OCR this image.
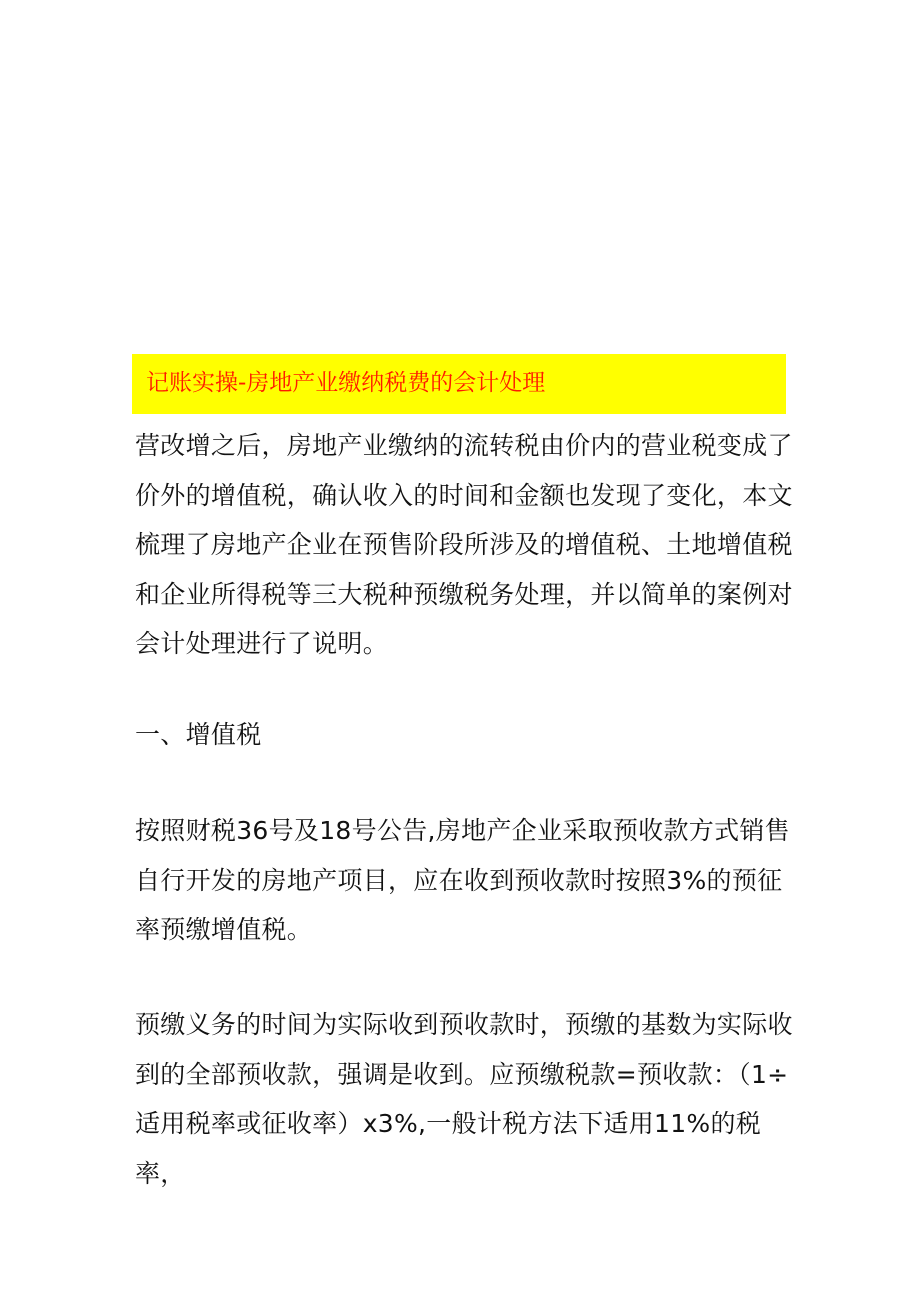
记账实操-房地产业缴纳税费的会计处理

营改增之后，房地产业缴纳的流转税由价内的营业税变成了价外的增值税，确认收入的时间和金额也发现了变化，本文梳理了房地产企业在预售阶段所涉及的增值税、土地增值税和企业所得税等三大税种预缴税务处理，并以简单的案例对会计处理进行了说明。

一、增值税

按照财税36号及18号公告,房地产企业采取预收款方式销售自行开发的房地产项目，应在收到预收款时按照3%的预征率预缴增值税。

预缴义务的时间为实际收到预收款时，预缴的基数为实际收到的全部预收款，强调是收到。应预缴税款=预收款：（1÷适用税率或征收率）x3%,一般计税方法下适用11%的税率，
